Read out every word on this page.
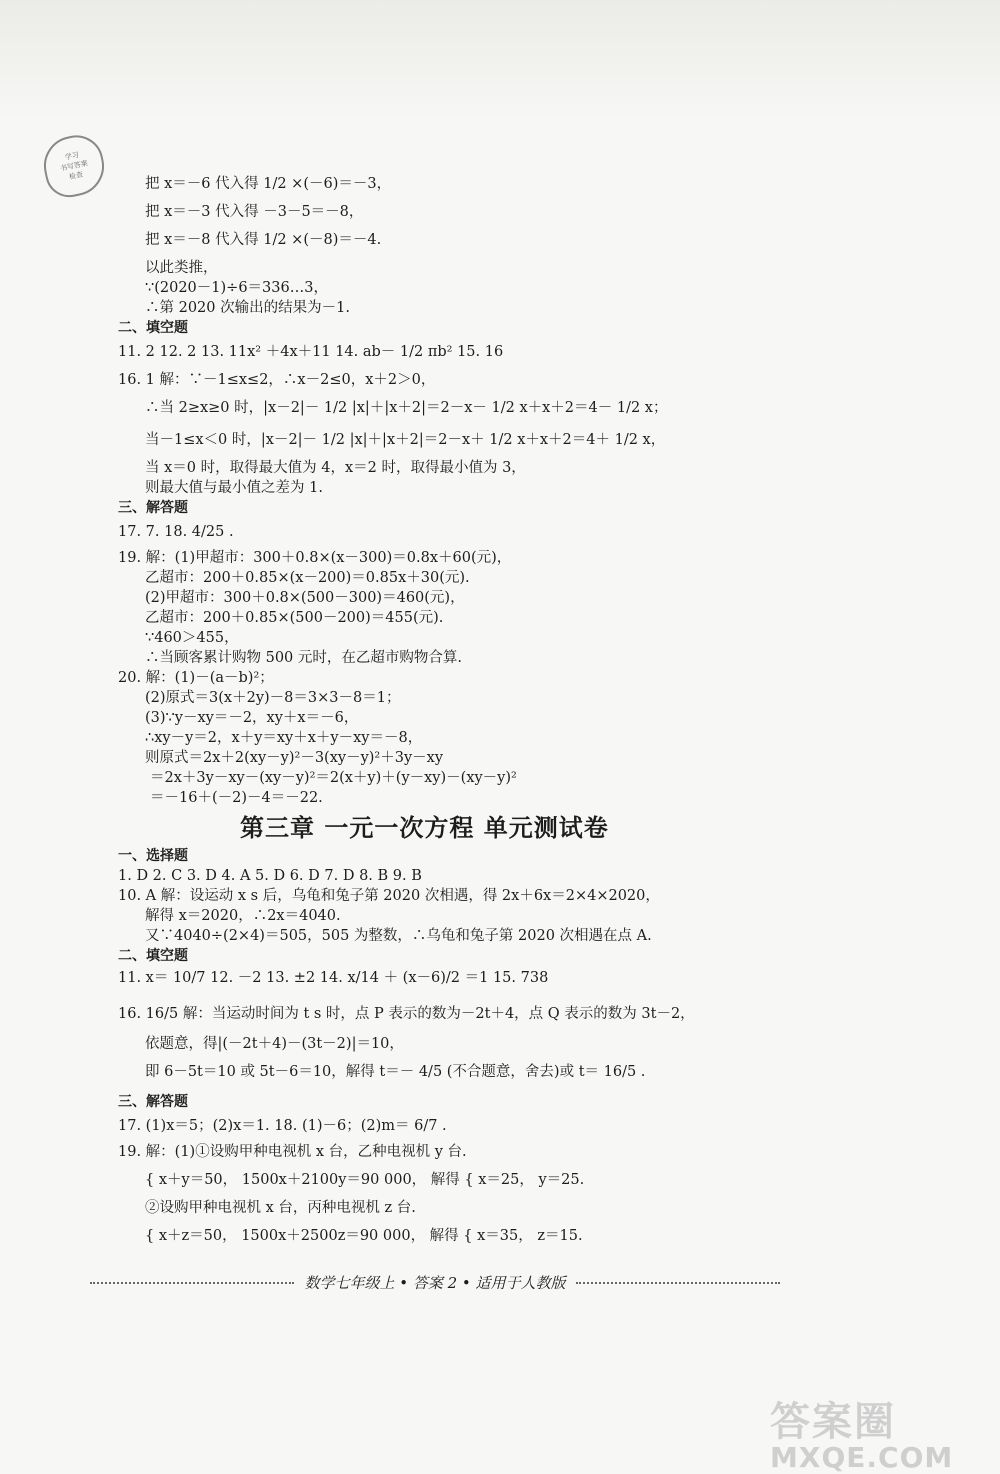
学习
书写答案
检查
把 x＝－6 代入得 1/2 ×(－6)＝－3，
把 x＝－3 代入得 －3－5＝－8，
把 x＝－8 代入得 1/2 ×(－8)＝－4.
以此类推，
∵(2020－1)÷6＝336…3，
∴第 2020 次输出的结果为－1.
二、填空题
11. 2 12. 2 13. 11x² ＋4x＋11 14. ab－ 1/2 πb² 15. 16
16. 1 解：∵－1≤x≤2，∴x－2≤0，x＋2＞0，
∴当 2≥x≥0 时，|x－2|－ 1/2 |x|＋|x＋2|＝2－x－ 1/2 x＋x＋2＝4－ 1/2 x；
当－1≤x＜0 时，|x－2|－ 1/2 |x|＋|x＋2|＝2－x＋ 1/2 x＋x＋2＝4＋ 1/2 x，
当 x＝0 时，取得最大值为 4，x＝2 时，取得最小值为 3，
则最大值与最小值之差为 1.
三、解答题
17. 7. 18. 4/25 .
19. 解：(1)甲超市：300＋0.8×(x－300)＝0.8x＋60(元)，
乙超市：200＋0.85×(x－200)＝0.85x＋30(元).
(2)甲超市：300＋0.8×(500－300)＝460(元)，
乙超市：200＋0.85×(500－200)＝455(元).
∵460＞455，
∴当顾客累计购物 500 元时，在乙超市购物合算.
20. 解：(1)－(a－b)²；
(2)原式＝3(x＋2y)－8＝3×3－8＝1；
(3)∵y－xy＝－2，xy＋x＝－6，
∴xy－y＝2，x＋y＝xy＋x＋y－xy＝－8，
则原式＝2x＋2(xy－y)²－3(xy－y)²＋3y－xy
＝2x＋3y－xy－(xy－y)²＝2(x＋y)＋(y－xy)－(xy－y)²
＝－16＋(－2)－4＝－22.
一、选择题
1. D 2. C 3. D 4. A 5. D 6. D 7. D 8. B 9. B
10. A 解：设运动 x s 后，乌龟和兔子第 2020 次相遇，得 2x＋6x＝2×4×2020，
解得 x＝2020，∴2x＝4040.
又∵4040÷(2×4)＝505，505 为整数，∴乌龟和兔子第 2020 次相遇在点 A.
二、填空题
11. x＝ 10/7 12. －2 13. ±2 14. x/14 ＋ (x－6)/2 ＝1 15. 738
16. 16/5 解：当运动时间为 t s 时，点 P 表示的数为－2t＋4，点 Q 表示的数为 3t－2，
依题意，得|(－2t＋4)－(3t－2)|＝10，
即 6－5t＝10 或 5t－6＝10，解得 t＝－ 4/5 (不合题意，舍去)或 t＝ 16/5 .
三、解答题
17. (1)x＝5；(2)x＝1. 18. (1)－6；(2)m＝ 6/7 .
19. 解：(1)①设购甲种电视机 x 台，乙种电视机 y 台.
{ x＋y＝50， 1500x＋2100y＝90 000， 解得 { x＝25， y＝25.
②设购甲种电视机 x 台，丙种电视机 z 台.
{ x＋z＝50， 1500x＋2500z＝90 000， 解得 { x＝35， z＝15.
第三章 一元一次方程 单元测试卷
数学七年级上 • 答案 2 • 适用于人教版
答案圈
MXQE.COM
